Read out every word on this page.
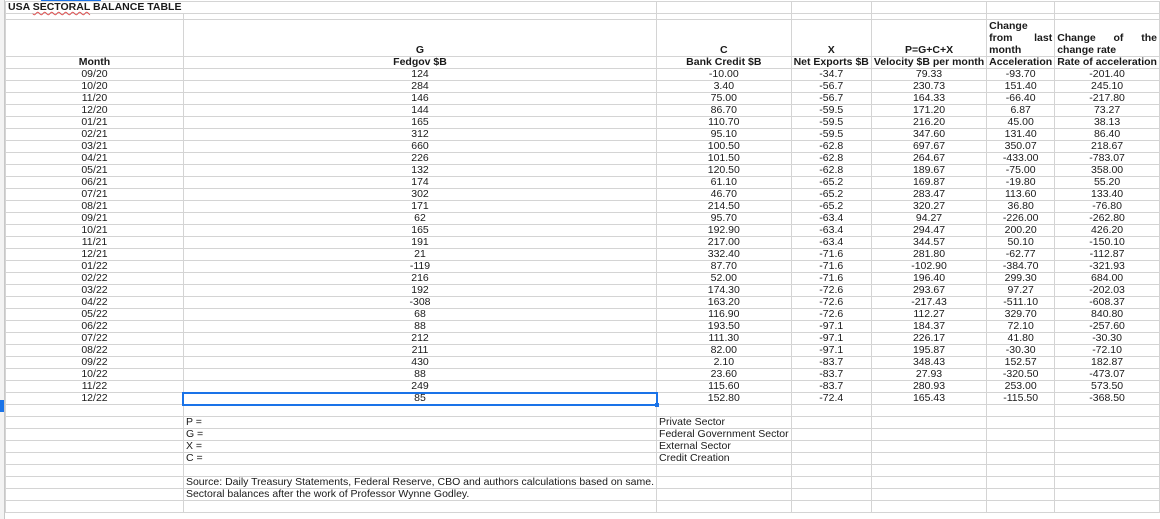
USA SECTORAL BALANCE TABLE						

	G	C	X	P=G+C+X	Change from last month	Change of the change rate
Month	Fedgov $B	Bank Credit $B	Net Exports $B	Velocity $B per month	Acceleration	Rate of acceleration
09/20	124	-10.00	-34.7	79.33	-93.70	-201.40
10/20	284	3.40	-56.7	230.73	151.40	245.10
11/20	146	75.00	-56.7	164.33	-66.40	-217.80
12/20	144	86.70	-59.5	171.20	6.87	73.27
01/21	165	110.70	-59.5	216.20	45.00	38.13
02/21	312	95.10	-59.5	347.60	131.40	86.40
03/21	660	100.50	-62.8	697.67	350.07	218.67
04/21	226	101.50	-62.8	264.67	-433.00	-783.07
05/21	132	120.50	-62.8	189.67	-75.00	358.00
06/21	174	61.10	-65.2	169.87	-19.80	55.20
07/21	302	46.70	-65.2	283.47	113.60	133.40
08/21	171	214.50	-65.2	320.27	36.80	-76.80
09/21	62	95.70	-63.4	94.27	-226.00	-262.80
10/21	165	192.90	-63.4	294.47	200.20	426.20
11/21	191	217.00	-63.4	344.57	50.10	-150.10
12/21	21	332.40	-71.6	281.80	-62.77	-112.87
01/22	-119	87.70	-71.6	-102.90	-384.70	-321.93
02/22	216	52.00	-71.6	196.40	299.30	684.00
03/22	192	174.30	-72.6	293.67	97.27	-202.03
04/22	-308	163.20	-72.6	-217.43	-511.10	-608.37
05/22	68	116.90	-72.6	112.27	329.70	840.80
06/22	88	193.50	-97.1	184.37	72.10	-257.60
07/22	212	111.30	-97.1	226.17	41.80	-30.30
08/22	211	82.00	-97.1	195.87	-30.30	-72.10
09/22	430	2.10	-83.7	348.43	152.57	182.87
10/22	88	23.60	-83.7	27.93	-320.50	-473.07
11/22	249	115.60	-83.7	280.93	253.00	573.50
12/22	85	152.80	-72.4	165.43	-115.50	-368.50

	P =	Private Sector				
	G =	Federal Government Sector				
	X =	External Sector				
	C =	Credit Creation				

	Source: Daily Treasury Statements, Federal Reserve, CBO and authors calculations based on same.					
	Sectoral balances after the work of Professor Wynne Godley.					
